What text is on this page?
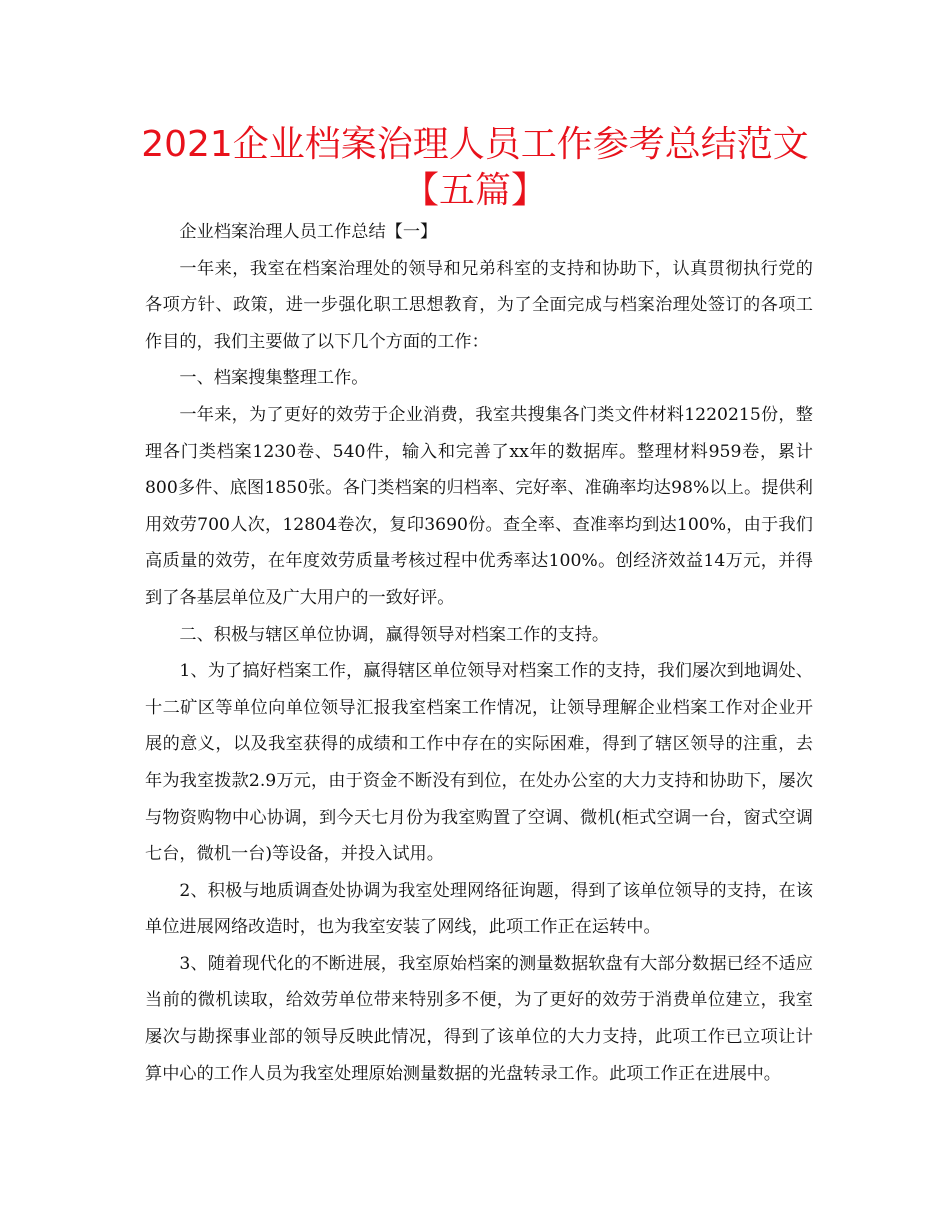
2021企业档案治理人员工作参考总结范文【五篇】

企业档案治理人员工作总结【一】

一年来，我室在档案治理处的领导和兄弟科室的支持和协助下，认真贯彻执行党的各项方针、政策，进一步强化职工思想教育，为了全面完成与档案治理处签订的各项工作目的，我们主要做了以下几个方面的工作：

一、档案搜集整理工作。

一年来，为了更好的效劳于企业消费，我室共搜集各门类文件材料1220215份，整理各门类档案1230卷、540件，输入和完善了xx年的数据库。整理材料959卷，累计800多件、底图1850张。各门类档案的归档率、完好率、准确率均达98%以上。提供利用效劳700人次，12804卷次，复印3690份。查全率、查准率均到达100%，由于我们高质量的效劳，在年度效劳质量考核过程中优秀率达100%。创经济效益14万元，并得到了各基层单位及广大用户的一致好评。

二、积极与辖区单位协调，赢得领导对档案工作的支持。

1、为了搞好档案工作，赢得辖区单位领导对档案工作的支持，我们屡次到地调处、十二矿区等单位向单位领导汇报我室档案工作情况，让领导理解企业档案工作对企业开展的意义，以及我室获得的成绩和工作中存在的实际困难，得到了辖区领导的注重，去年为我室拨款2.9万元，由于资金不断没有到位，在处办公室的大力支持和协助下，屡次与物资购物中心协调，到今天七月份为我室购置了空调、微机(柜式空调一台，窗式空调七台，微机一台)等设备，并投入试用。

2、积极与地质调查处协调为我室处理网络征询题，得到了该单位领导的支持，在该单位进展网络改造时，也为我室安装了网线，此项工作正在运转中。

3、随着现代化的不断进展，我室原始档案的测量数据软盘有大部分数据已经不适应当前的微机读取，给效劳单位带来特别多不便，为了更好的效劳于消费单位建立，我室屡次与勘探事业部的领导反映此情况，得到了该单位的大力支持，此项工作已立项让计算中心的工作人员为我室处理原始测量数据的光盘转录工作。此项工作正在进展中。
